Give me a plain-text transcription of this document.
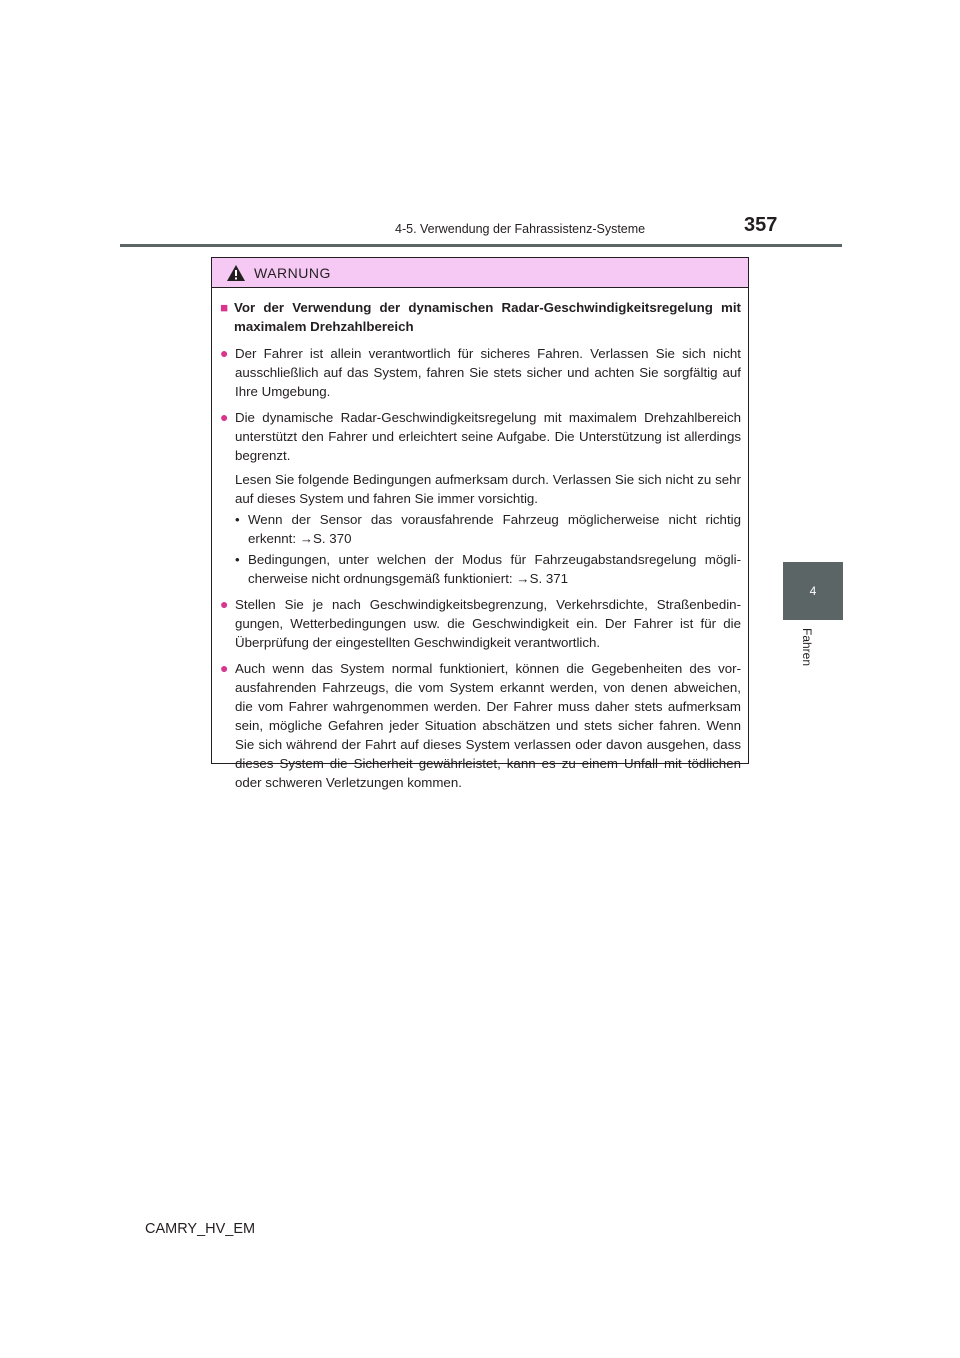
4-5. Verwendung der Fahrassistenz-Systeme	357
4
Fahren
WARNUNG
■ Vor der Verwendung der dynamischen Radar-Geschwindigkeitsregelung mit maximalem Drehzahlbereich
● Der Fahrer ist allein verantwortlich für sicheres Fahren. Verlassen Sie sich nicht ausschließlich auf das System, fahren Sie stets sicher und achten Sie sorgfältig auf Ihre Umgebung.
● Die dynamische Radar-Geschwindigkeitsregelung mit maximalem Drehzahlbereich unterstützt den Fahrer und erleichtert seine Aufgabe. Die Unterstützung ist allerdings begrenzt.
Lesen Sie folgende Bedingungen aufmerksam durch. Verlassen Sie sich nicht zu sehr auf dieses System und fahren Sie immer vorsichtig.
• Wenn der Sensor das vorausfahrende Fahrzeug möglicherweise nicht richtig erkennt: →S. 370
• Bedingungen, unter welchen der Modus für Fahrzeugabstandsregelung möglicherweise nicht ordnungsgemäß funktioniert: →S. 371
● Stellen Sie je nach Geschwindigkeitsbegrenzung, Verkehrsdichte, Straßenbedingungen, Wetterbedingungen usw. die Geschwindigkeit ein. Der Fahrer ist für die Überprüfung der eingestellten Geschwindigkeit verantwortlich.
● Auch wenn das System normal funktioniert, können die Gegebenheiten des vorausfahrenden Fahrzeugs, die vom System erkannt werden, von denen abweichen, die vom Fahrer wahrgenommen werden. Der Fahrer muss daher stets aufmerksam sein, mögliche Gefahren jeder Situation abschätzen und stets sicher fahren. Wenn Sie sich während der Fahrt auf dieses System verlassen oder davon ausgehen, dass dieses System die Sicherheit gewährleistet, kann es zu einem Unfall mit tödlichen oder schweren Verletzungen kommen.
CAMRY_HV_EM
